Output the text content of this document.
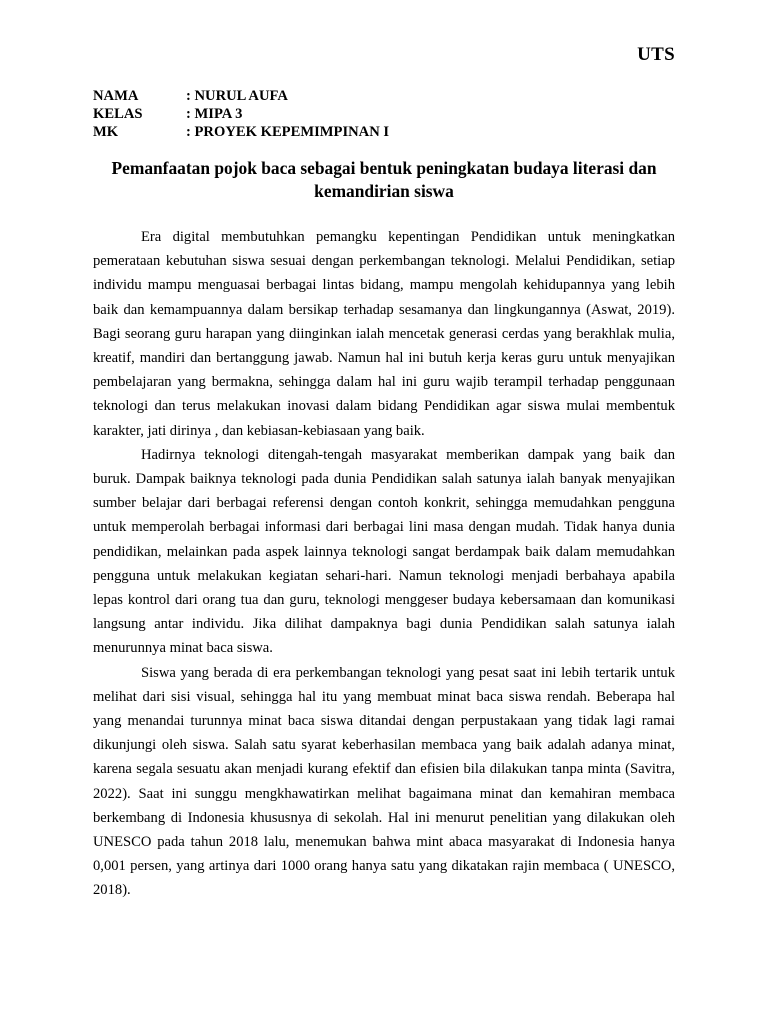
UTS
NAMA	: NURUL AUFA
KELAS	: MIPA 3
MK	: PROYEK KEPEMIMPINAN I
Pemanfaatan pojok baca sebagai bentuk peningkatan budaya literasi dan kemandirian siswa

Era digital membutuhkan pemangku kepentingan Pendidikan untuk meningkatkan pemerataan kebutuhan siswa sesuai dengan perkembangan teknologi. Melalui Pendidikan, setiap individu mampu menguasai berbagai lintas bidang, mampu mengolah kehidupannya yang lebih baik dan kemampuannya dalam bersikap terhadap sesamanya dan lingkungannya (Aswat, 2019). Bagi seorang guru harapan yang diinginkan ialah mencetak generasi cerdas yang berakhlak mulia, kreatif, mandiri dan bertanggung jawab. Namun hal ini butuh kerja keras guru untuk menyajikan pembelajaran yang bermakna, sehingga dalam hal ini guru wajib terampil terhadap penggunaan teknologi dan terus melakukan inovasi dalam bidang Pendidikan agar siswa mulai membentuk karakter, jati dirinya , dan kebiasan-kebiasaan yang baik.

Hadirnya teknologi ditengah-tengah masyarakat memberikan dampak yang baik dan buruk. Dampak baiknya teknologi pada dunia Pendidikan salah satunya ialah banyak menyajikan sumber belajar dari berbagai referensi dengan contoh konkrit, sehingga memudahkan pengguna untuk memperolah berbagai informasi dari berbagai lini masa dengan mudah. Tidak hanya dunia pendidikan, melainkan pada aspek lainnya teknologi sangat berdampak baik dalam memudahkan pengguna untuk melakukan kegiatan sehari-hari. Namun teknologi menjadi berbahaya apabila lepas kontrol dari orang tua dan guru, teknologi menggeser budaya kebersamaan dan komunikasi langsung antar individu. Jika dilihat dampaknya bagi dunia Pendidikan salah satunya ialah menurunnya minat baca siswa.

Siswa yang berada di era perkembangan teknologi yang pesat saat ini lebih tertarik untuk melihat dari sisi visual, sehingga hal itu yang membuat minat baca siswa rendah. Beberapa hal yang menandai turunnya minat baca siswa ditandai dengan perpustakaan yang tidak lagi ramai dikunjungi oleh siswa. Salah satu syarat keberhasilan membaca yang baik adalah adanya minat, karena segala sesuatu akan menjadi kurang efektif dan efisien bila dilakukan tanpa minta (Savitra, 2022). Saat ini sunggu mengkhawatirkan melihat bagaimana minat dan kemahiran membaca berkembang di Indonesia khususnya di sekolah. Hal ini menurut penelitian yang dilakukan oleh UNESCO pada tahun 2018 lalu, menemukan bahwa mint abaca masyarakat di Indonesia hanya 0,001 persen, yang artinya dari 1000 orang hanya satu yang dikatakan rajin membaca ( UNESCO, 2018).
